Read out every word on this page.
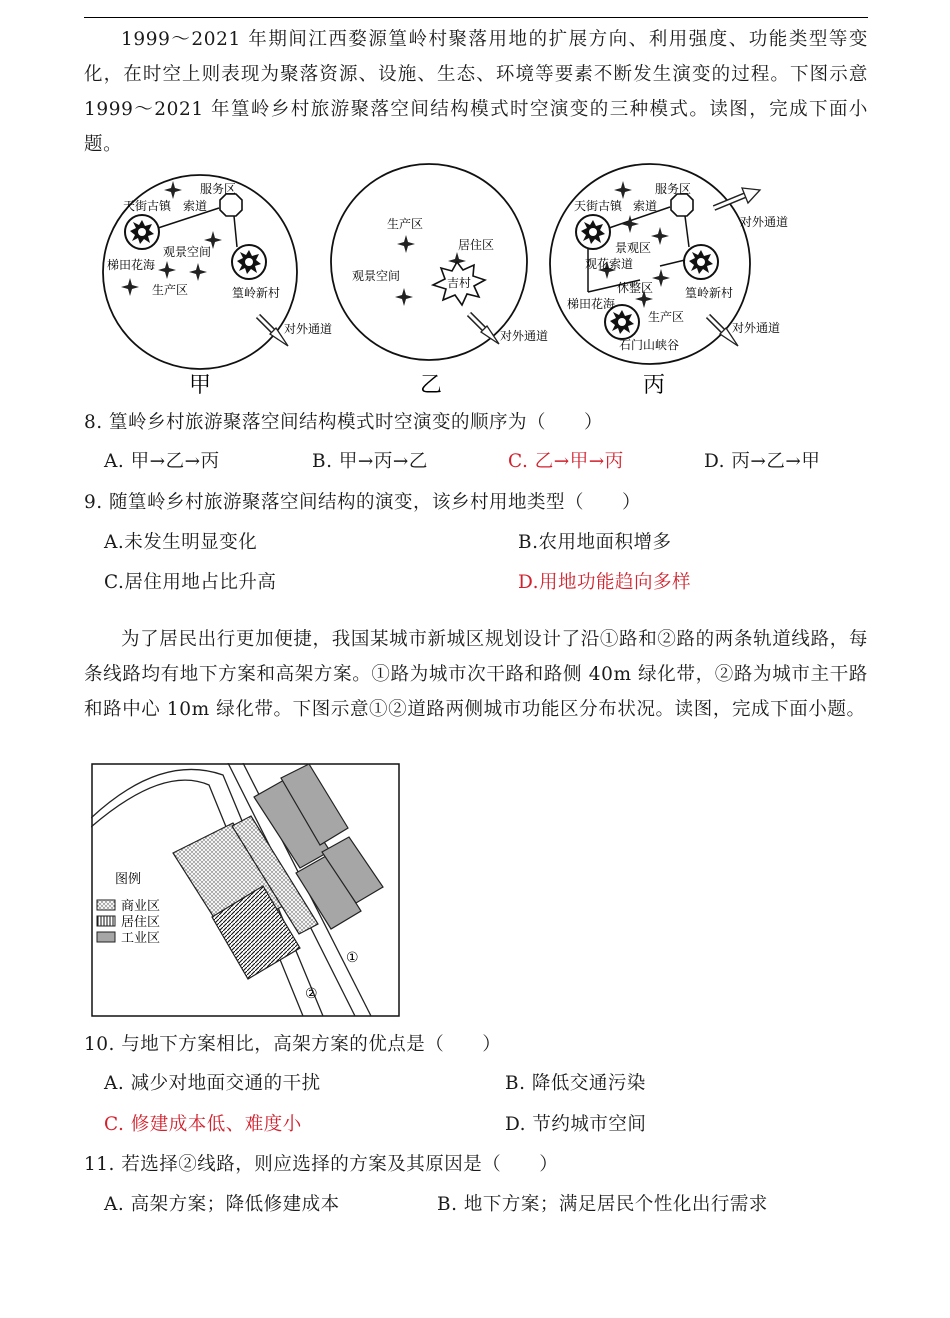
1999～2021 年期间江西婺源篁岭村聚落用地的扩展方向、利用强度、功能类型等变化，在时空上则表现为聚落资源、设施、生态、环境等要素不断发生演变的过程。下图示意 1999～2021 年篁岭乡村旅游聚落空间结构模式时空演变的三种模式。读图，完成下面小题。

服务区
天街古镇 索道
观景空间
梯田花海
生产区	篁岭新村
对外通道
甲
生产区
居住区
观景空间	吉村
对外通道
乙
服务区
天街古镇 索道
对外通道
景观区
观花索道
休整区	篁岭新村
梯田花海
生产区
对外通道
石门山峡谷
丙
8. 篁岭乡村旅游聚落空间结构模式时空演变的顺序为（　　）
A. 甲→乙→丙	B. 甲→丙→乙	C. 乙→甲→丙	D. 丙→乙→甲
9. 随篁岭乡村旅游聚落空间结构的演变，该乡村用地类型（　　）
A.未发生明显变化	B.农用地面积增多
C.居住用地占比升高	D.用地功能趋向多样

为了居民出行更加便捷，我国某城市新城区规划设计了沿①路和②路的两条轨道线路，每条线路均有地下方案和高架方案。①路为城市次干路和路侧 40m 绿化带，②路为城市主干路和路中心 10m 绿化带。下图示意①②道路两侧城市功能区分布状况。读图，完成下面小题。

图例
商业区
居住区
工业区
①
②
10. 与地下方案相比，高架方案的优点是（　　）
A. 减少对地面交通的干扰	B. 降低交通污染
C. 修建成本低、难度小	D. 节约城市空间
11. 若选择②线路，则应选择的方案及其原因是（　　）
A. 高架方案；降低修建成本	B. 地下方案；满足居民个性化出行需求
